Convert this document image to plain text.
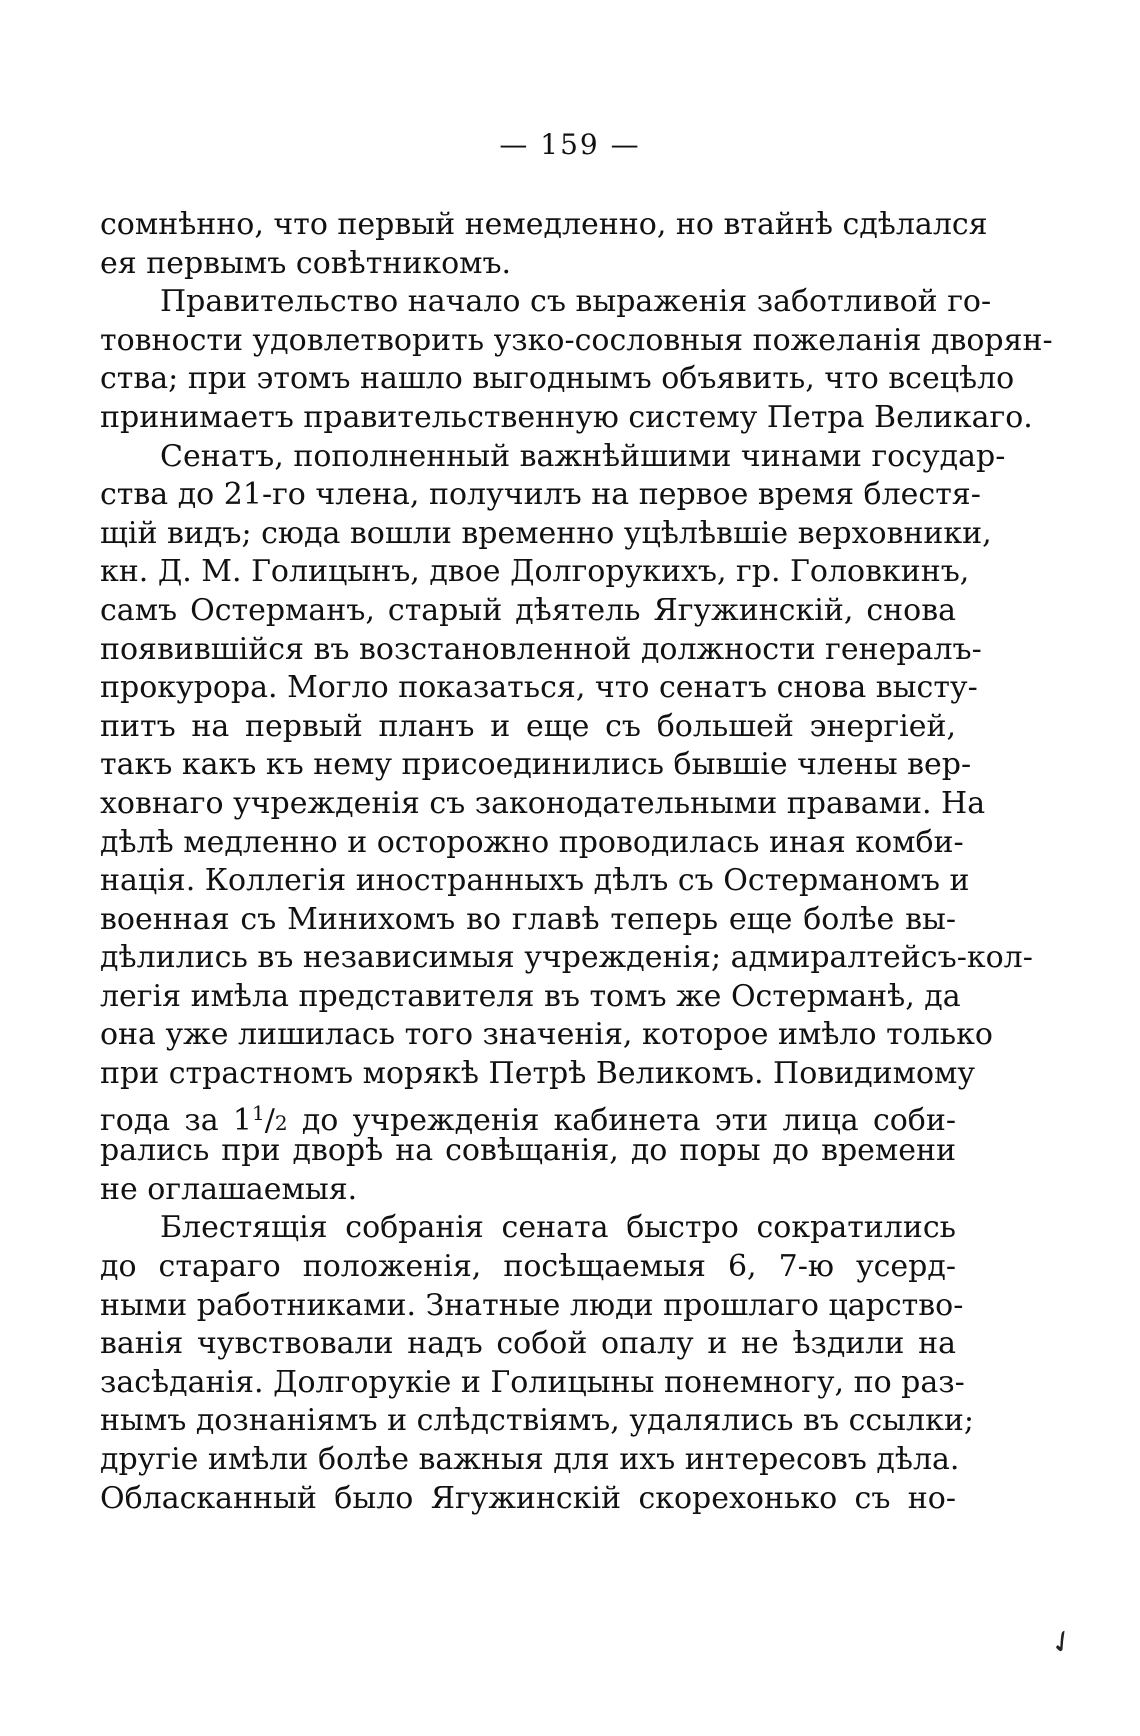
— 159 —
сомнѣнно, что первый немедленно, но втайнѣ сдѣлался
ея первымъ совѣтникомъ.
Правительство начало съ выраженія заботливой го-
товности удовлетворить узко-сословныя пожеланія дворян-
ства; при этомъ нашло выгоднымъ объявить, что всецѣло
принимаетъ правительственную систему Петра Великаго.
Сенатъ, пополненный важнѣйшими чинами государ-
ства до 21-го члена, получилъ на первое время блестя-
щій видъ; сюда вошли временно уцѣлѣвшіе верховники,
кн. Д. М. Голицынъ, двое Долгорукихъ, гр. Головкинъ,
самъ Остерманъ, старый дѣятель Ягужинскій, снова
появившійся въ возстановленной должности генералъ-
прокурора. Могло показаться, что сенатъ снова высту-
питъ на первый планъ и еще съ большей энергіей,
такъ какъ къ нему присоединились бывшіе члены вер-
ховнаго учрежденія съ законодательными правами. На
дѣлѣ медленно и осторожно проводилась иная комби-
нація. Коллегія иностранныхъ дѣлъ съ Остерманомъ и
военная съ Минихомъ во главѣ теперь еще болѣе вы-
дѣлились въ независимыя учрежденія; адмиралтейсъ-кол-
легія имѣла представителя въ томъ же Остерманѣ, да
она уже лишилась того значенія, которое имѣло только
при страстномъ морякѣ Петрѣ Великомъ. Повидимому
года за $1^1/2$ до учрежденія кабинета эти лица соби-
рались при дворѣ на совѣщанія, до поры до времени
не оглашаемыя.
Блестящія собранія сената быстро сократились
до стараго положенія, посѣщаемыя 6, 7-ю усерд-
ными работниками. Знатные люди прошлаго царство-
ванія чувствовали надъ собой опалу и не ѣздили на
засѣданія. Долгорукіе и Голицыны понемногу, по раз-
нымъ дознаніямъ и слѣдствіямъ, удалялись въ ссылки;
другіе имѣли болѣе важныя для ихъ интересовъ дѣла.
Обласканный было Ягужинскій скорехонько съ но-
✓
